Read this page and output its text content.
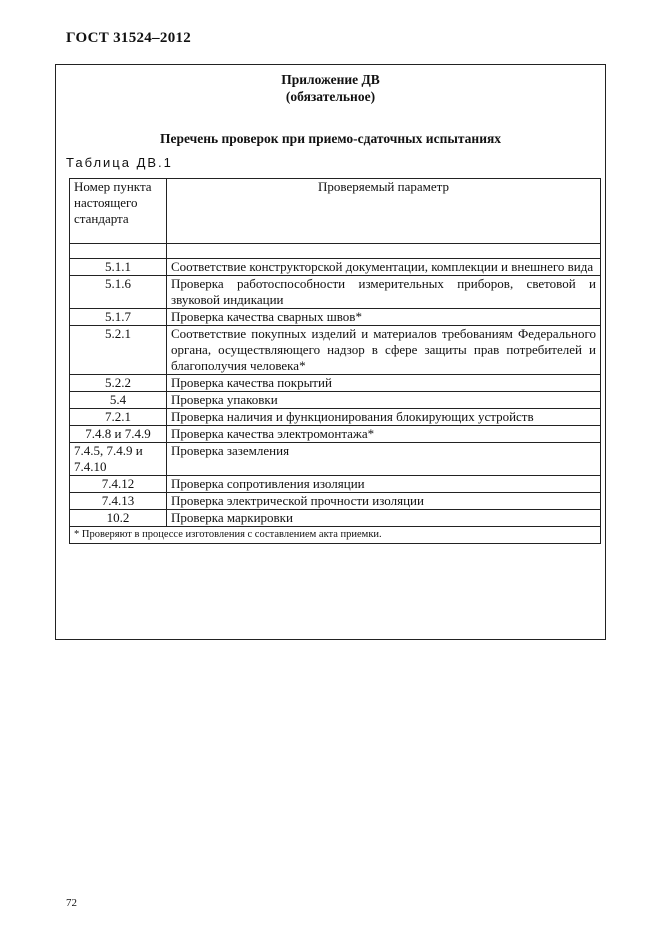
ГОСТ 31524–2012
Приложение ДВ
(обязательное)
Перечень проверок при приемо-сдаточных испытаниях
Таблица ДВ.1
Номер пункта настоящего стандарта	Проверяемый параметр

5.1.1	Соответствие конструкторской документации, комплекции и внешнего вида
5.1.6	Проверка работоспособности измерительных приборов, световой и звуковой индикации
5.1.7	Проверка качества сварных швов*
5.2.1	Соответствие покупных изделий и материалов требованиям Федерального органа, осуществляющего надзор в сфере защиты прав потребителей и благополучия человека*
5.2.2	Проверка качества покрытий
5.4	Проверка упаковки
7.2.1	Проверка наличия и функционирования блокирующих устройств
7.4.8 и 7.4.9	Проверка качества электромонтажа*
7.4.5, 7.4.9 и 7.4.10	Проверка заземления
7.4.12	Проверка сопротивления изоляции
7.4.13	Проверка электрической прочности изоляции
10.2	Проверка маркировки
* Проверяют в процессе изготовления с составлением акта приемки.	
72
